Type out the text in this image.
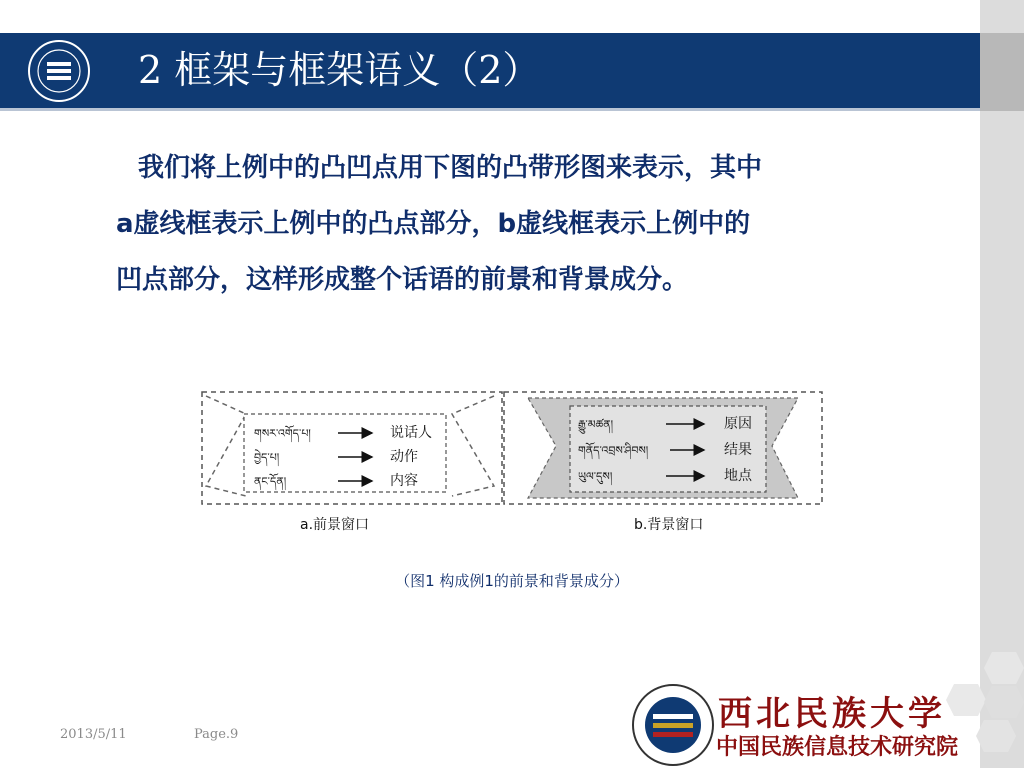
2 框架与框架语义（2）

我们将上例中的凸凹点用下图的凸带形图来表示，其中

a虚线框表示上例中的凸点部分，b虚线框表示上例中的

凹点部分，这样形成整个话语的前景和背景成分。

གསར་འགོད་པ།
བྱེད་པ།
ནང་དོན།
说话人
动作
内容
རྒྱུ་མཚན།
གནོད་འབྲས་ཤིབས།
ཡུལ་དུས།
原因
结果
地点
a.前景窗口	b.背景窗口
（图1 构成例1的前景和背景成分）
2013/5/11	Page.9
西北民族大学
中国民族信息技术研究院
